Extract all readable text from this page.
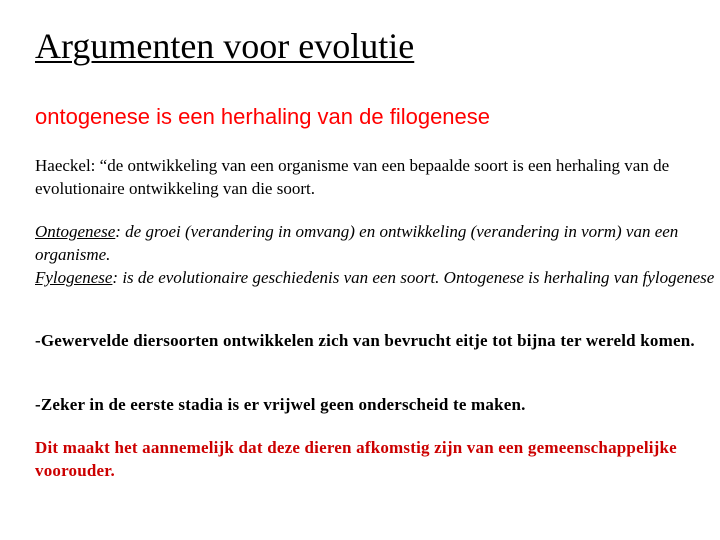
Argumenten voor evolutie
ontogenese is een herhaling van de filogenese

Haeckel: “de ontwikkeling van een organisme van een bepaalde soort is een herhaling van de evolutionaire ontwikkeling van die soort.

Ontogenese: de groei (verandering in omvang) en ontwikkeling (verandering in vorm) van een organisme.
Fylogenese: is de evolutionaire geschiedenis van een soort. Ontogenese is herhaling van fylogenese

-Gewervelde diersoorten ontwikkelen zich van bevrucht eitje tot bijna ter wereld komen.

-Zeker in de eerste stadia is er vrijwel geen onderscheid te maken.

Dit maakt het aannemelijk dat deze dieren afkomstig zijn van een gemeenschappelijke voorouder.
